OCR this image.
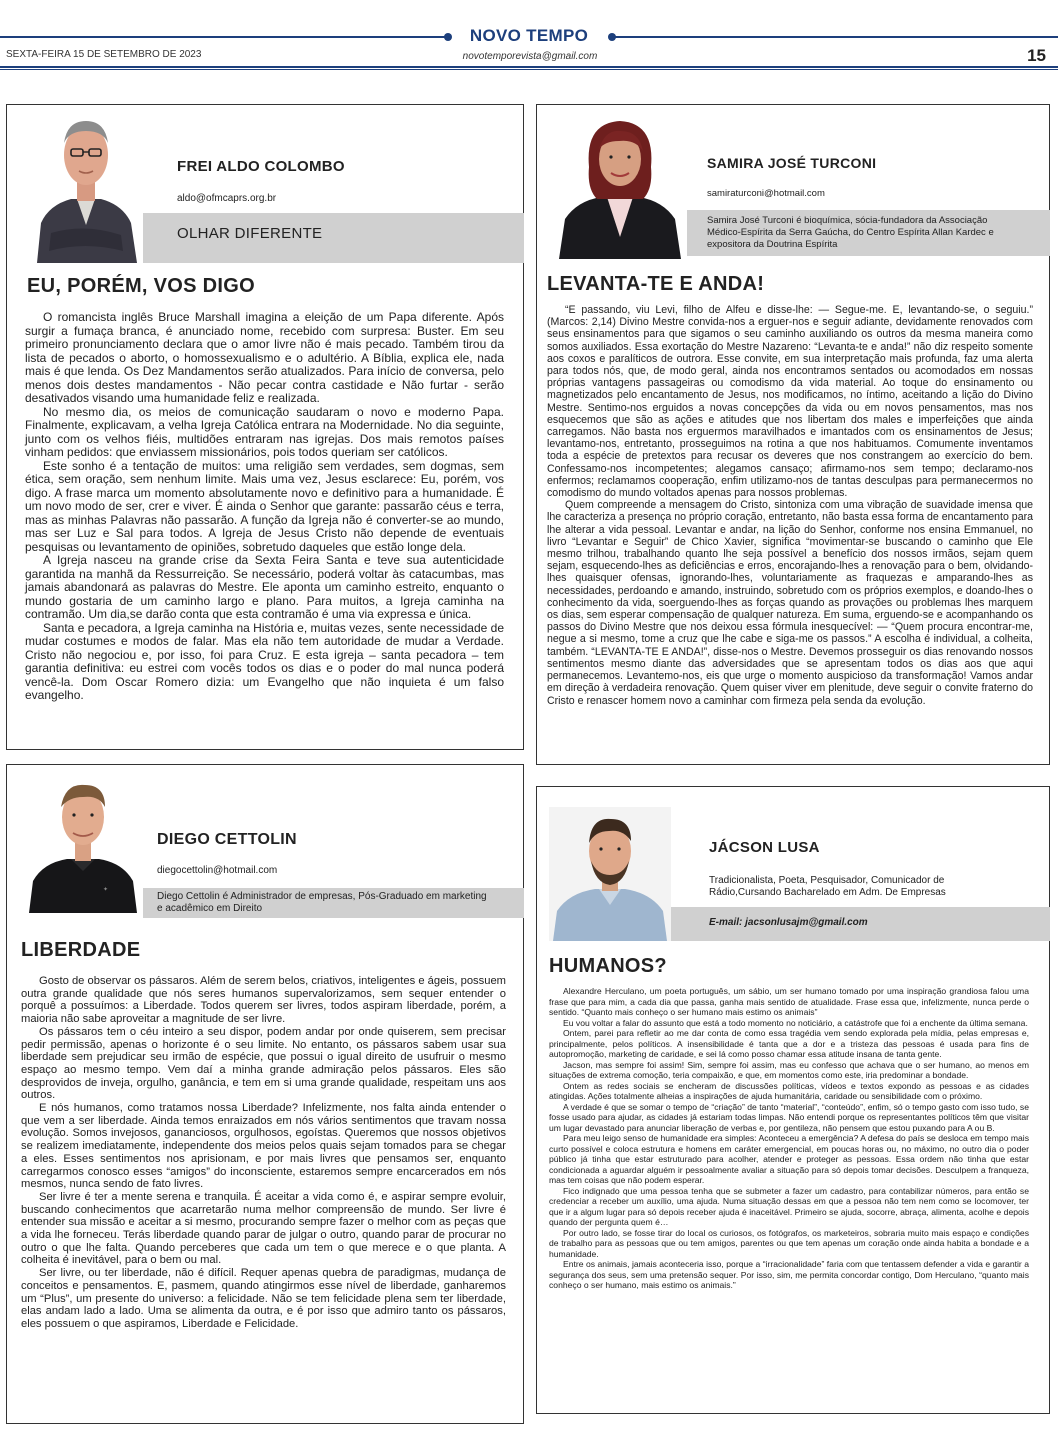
NOVO TEMPO
novotemporevista@gmail.com
SEXTA-FEIRA 15 DE SETEMBRO DE 2023	15
FREI ALDO COLOMBO
aldo@ofmcaprs.org.br
OLHAR DIFERENTE
EU, PORÉM, VOS DIGO

O romancista inglês Bruce Marshall imagina a eleição de um Papa diferente. Após surgir a fumaça branca, é anunciado nome, recebido com surpresa: Buster. Em seu primeiro pronunciamento declara que o amor livre não é mais pecado. Também tirou da lista de pecados o aborto, o homossexualismo e o adultério. A Bíblia, explica ele, nada mais é que lenda. Os Dez Mandamentos serão atualizados. Para início de conversa, pelo menos dois destes mandamentos - Não pecar contra castidade e Não furtar - serão desativados visando uma humanidade feliz e realizada.

No mesmo dia, os meios de comunicação saudaram o novo e moderno Papa. Finalmente, explicavam, a velha Igreja Católica entrara na Modernidade. No dia seguinte, junto com os velhos fiéis, multidões entraram nas igrejas. Dos mais remotos países vinham pedidos: que enviassem missionários, pois todos queriam ser católicos.

Este sonho é a tentação de muitos: uma religião sem verdades, sem dogmas, sem ética, sem oração, sem nenhum limite. Mais uma vez, Jesus esclarece: Eu, porém, vos digo. A frase marca um momento absolutamente novo e definitivo para a humanidade. É um novo modo de ser, crer e viver. É ainda o Senhor que garante: passarão céus e terra, mas as minhas Palavras não passarão. A função da Igreja não é converter-se ao mundo, mas ser Luz e Sal para todos. A Igreja de Jesus Cristo não depende de eventuais pesquisas ou levantamento de opiniões, sobretudo daqueles que estão longe dela.

A Igreja nasceu na grande crise da Sexta Feira Santa e teve sua autenticidade garantida na manhã da Ressurreição. Se necessário, poderá voltar às catacumbas, mas jamais abandonará as palavras do Mestre. Ele aponta um caminho estreito, enquanto o mundo gostaria de um caminho largo e plano. Para muitos, a Igreja caminha na contramão. Um dia,se darão conta que esta contramão é uma via expressa e única.

Santa e pecadora, a Igreja caminha na História e, muitas vezes, sente necessidade de mudar costumes e modos de falar. Mas ela não tem autoridade de mudar a Verdade. Cristo não negociou e, por isso, foi para Cruz. E esta igreja – santa pecadora – tem garantia definitiva: eu estrei com vocês todos os dias e o poder do mal nunca poderá vencê-la. Dom Oscar Romero dizia: um Evangelho que não inquieta é um falso evangelho.

SAMIRA JOSÉ TURCONI
samiraturconi@hotmail.com
Samira José Turconi é bioquímica, sócia-fundadora da Associação Médico-Espírita da Serra Gaúcha, do Centro Espírita Allan Kardec e expositora da Doutrina Espírita
LEVANTA-TE E ANDA!

“E passando, viu Levi, filho de Alfeu e disse-lhe: — Segue-me. E, levantando-se, o seguiu.” (Marcos: 2,14) Divino Mestre convida-nos a erguer-nos e seguir adiante, devidamente renovados com seus ensinamentos para que sigamos o seu caminho auxiliando os outros da mesma maneira como somos auxiliados. Essa exortação do Mestre Nazareno: “Levanta-te e anda!” não diz respeito somente aos coxos e paralíticos de outrora. Esse convite, em sua interpretação mais profunda, faz uma alerta para todos nós, que, de modo geral, ainda nos encontramos sentados ou acomodados em nossas próprias vantagens passageiras ou comodismo da vida material. Ao toque do ensinamento ou magnetizados pelo encantamento de Jesus, nos modificamos, no íntimo, aceitando a lição do Divino Mestre. Sentimo-nos erguidos a novas concepções da vida ou em novos pensamentos, mas nos esquecemos que são as ações e atitudes que nos libertam dos males e imperfeições que ainda carregamos. Não basta nos erguermos maravilhados e imantados com os ensinamentos de Jesus; levantamo-nos, entretanto, prosseguimos na rotina a que nos habituamos. Comumente inventamos toda a espécie de pretextos para recusar os deveres que nos constrangem ao exercício do bem. Confessamo-nos incompetentes; alegamos cansaço; afirmamo-nos sem tempo; declaramo-nos enfermos; reclamamos cooperação, enfim utilizamo-nos de tantas desculpas para permanecermos no comodismo do mundo voltados apenas para nossos problemas.

Quem compreende a mensagem do Cristo, sintoniza com uma vibração de suavidade imensa que lhe caracteriza a presença no próprio coração, entretanto, não basta essa forma de encantamento para lhe alterar a vida pessoal. Levantar e andar, na lição do Senhor, conforme nos ensina Emmanuel, no livro “Levantar e Seguir” de Chico Xavier, significa “movimentar-se buscando o caminho que Ele mesmo trilhou, trabalhando quanto lhe seja possível a benefício dos nossos irmãos, sejam quem sejam, esquecendo-lhes as deficiências e erros, encorajando-lhes a renovação para o bem, olvidando-lhes quaisquer ofensas, ignorando-lhes, voluntariamente as fraquezas e amparando-lhes as necessidades, perdoando e amando, instruindo, sobretudo com os próprios exemplos, e doando-lhes o conhecimento da vida, soerguendo-lhes as forças quando as provações ou problemas lhes marquem os dias, sem esperar compensação de qualquer natureza. Em suma, erguendo-se e acompanhando os passos do Divino Mestre que nos deixou essa fórmula inesquecível: — “Quem procura encontrar-me, negue a si mesmo, tome a cruz que lhe cabe e siga-me os passos.” A escolha é individual, a colheita, também. “LEVANTA-TE E ANDA!”, disse-nos o Mestre. Devemos prosseguir os dias renovando nossos sentimentos mesmo diante das adversidades que se apresentam todos os dias aos que aqui permanecemos. Levantemo-nos, eis que urge o momento auspicioso da transformação! Vamos andar em direção à verdadeira renovação. Quem quiser viver em plenitude, deve seguir o convite fraterno do Cristo e renascer homem novo a caminhar com firmeza pela senda da evolução.

✦
DIEGO CETTOLIN
diegocettolin@hotmail.com
Diego Cettolin é Administrador de empresas, Pós-Graduado em marketing e acadêmico em Direito
LIBERDADE

Gosto de observar os pássaros. Além de serem belos, criativos, inteligentes e ágeis, possuem outra grande qualidade que nós seres humanos supervalorizamos, sem sequer entender o porquê a possuímos: a Liberdade. Todos querem ser livres, todos aspiram liberdade, porém, a maioria não sabe aproveitar a magnitude de ser livre.

Os pássaros tem o céu inteiro a seu dispor, podem andar por onde quiserem, sem precisar pedir permissão, apenas o horizonte é o seu limite. No entanto, os pássaros sabem usar sua liberdade sem prejudicar seu irmão de espécie, que possui o igual direito de usufruir o mesmo espaço ao mesmo tempo. Vem daí a minha grande admiração pelos pássaros. Eles são desprovidos de inveja, orgulho, ganância, e tem em si uma grande qualidade, respeitam uns aos outros.

E nós humanos, como tratamos nossa Liberdade? Infelizmente, nos falta ainda entender o que vem a ser liberdade. Ainda temos enraizados em nós vários sentimentos que travam nossa evolução. Somos invejosos, gananciosos, orgulhosos, egoístas. Queremos que nossos objetivos se realizem imediatamente, independente dos meios pelos quais sejam tomados para se chegar a eles. Esses sentimentos nos aprisionam, e por mais livres que pensamos ser, enquanto carregarmos conosco esses “amigos” do inconsciente, estaremos sempre encarcerados em nós mesmos, nunca sendo de fato livres.

Ser livre é ter a mente serena e tranquila. É aceitar a vida como é, e aspirar sempre evoluir, buscando conhecimentos que acarretarão numa melhor compreensão de mundo. Ser livre é entender sua missão e aceitar a si mesmo, procurando sempre fazer o melhor com as peças que a vida lhe forneceu. Terás liberdade quando parar de julgar o outro, quando parar de procurar no outro o que lhe falta. Quando perceberes que cada um tem o que merece e o que planta. A colheita é inevitável, para o bem ou mal.

Ser livre, ou ter liberdade, não é difícil. Requer apenas quebra de paradigmas, mudança de conceitos e pensamentos. E, pasmem, quando atingirmos esse nível de liberdade, ganharemos um “Plus”, um presente do universo: a felicidade. Não se tem felicidade plena sem ter liberdade, elas andam lado a lado. Uma se alimenta da outra, e é por isso que admiro tanto os pássaros, eles possuem o que aspiramos, Liberdade e Felicidade.

JÁCSON LUSA
Tradicionalista, Poeta, Pesquisador, Comunicador de Rádio,Cursando Bacharelado em Adm. De Empresas
E-mail: jacsonlusajm@gmail.com
HUMANOS?

Alexandre Herculano, um poeta português, um sábio, um ser humano tomado por uma inspiração grandiosa falou uma frase que para mim, a cada dia que passa, ganha mais sentido de atualidade. Frase essa que, infelizmente, nunca perde o sentido. “Quanto mais conheço o ser humano mais estimo os animais”

Eu vou voltar a falar do assunto que está a todo momento no noticiário, a catástrofe que foi a enchente da última semana.

Ontem, parei para refletir ao me dar conta de como essa tragédia vem sendo explorada pela mídia, pelas empresas e, principalmente, pelos políticos. A insensibilidade é tanta que a dor e a tristeza das pessoas é usada para fins de autopromoção, marketing de caridade, e sei lá como posso chamar essa atitude insana de tanta gente.

Jacson, mas sempre foi assim! Sim, sempre foi assim, mas eu confesso que achava que o ser humano, ao menos em situações de extrema comoção, teria compaixão, e que, em momentos como este, iria predominar a bondade.

Ontem as redes sociais se encheram de discussões políticas, vídeos e textos expondo as pessoas e as cidades atingidas. Ações totalmente alheias a inspirações de ajuda humanitária, caridade ou sensibilidade com o próximo.

A verdade é que se somar o tempo de “criação” de tanto “material”, “conteúdo”, enfim, só o tempo gasto com isso tudo, se fosse usado para ajudar, as cidades já estariam todas limpas. Não entendi porque os representantes políticos têm que visitar um lugar devastado para anunciar liberação de verbas e, por gentileza, não pensem que estou puxando para A ou B.

Para meu leigo senso de humanidade era simples: Aconteceu a emergência? A defesa do país se desloca em tempo mais curto possível e coloca estrutura e homens em caráter emergencial, em poucas horas ou, no máximo, no outro dia o poder público já tinha que estar estruturado para acolher, atender e proteger as pessoas. Essa ordem não tinha que estar condicionada a aguardar alguém ir pessoalmente avaliar a situação para só depois tomar decisões. Desculpem a franqueza, mas tem coisas que não podem esperar.

Fico indignado que uma pessoa tenha que se submeter a fazer um cadastro, para contabilizar números, para então se credenciar a receber um auxílio, uma ajuda. Numa situação dessas em que a pessoa não tem nem como se locomover, ter que ir a algum lugar para só depois receber ajuda é inaceitável. Primeiro se ajuda, socorre, abraça, alimenta, acolhe e depois quando der pergunta quem é…

Por outro lado, se fosse tirar do local os curiosos, os fotógrafos, os marketeiros, sobraria muito mais espaço e condições de trabalho para as pessoas que ou tem amigos, parentes ou que tem apenas um coração onde ainda habita a bondade e a humanidade.

Entre os animais, jamais aconteceria isso, porque a “irracionalidade” faria com que tentassem defender a vida e garantir a segurança dos seus, sem uma pretensão sequer. Por isso, sim, me permita concordar contigo, Dom Herculano, “quanto mais conheço o ser humano, mais estimo os animais.”
